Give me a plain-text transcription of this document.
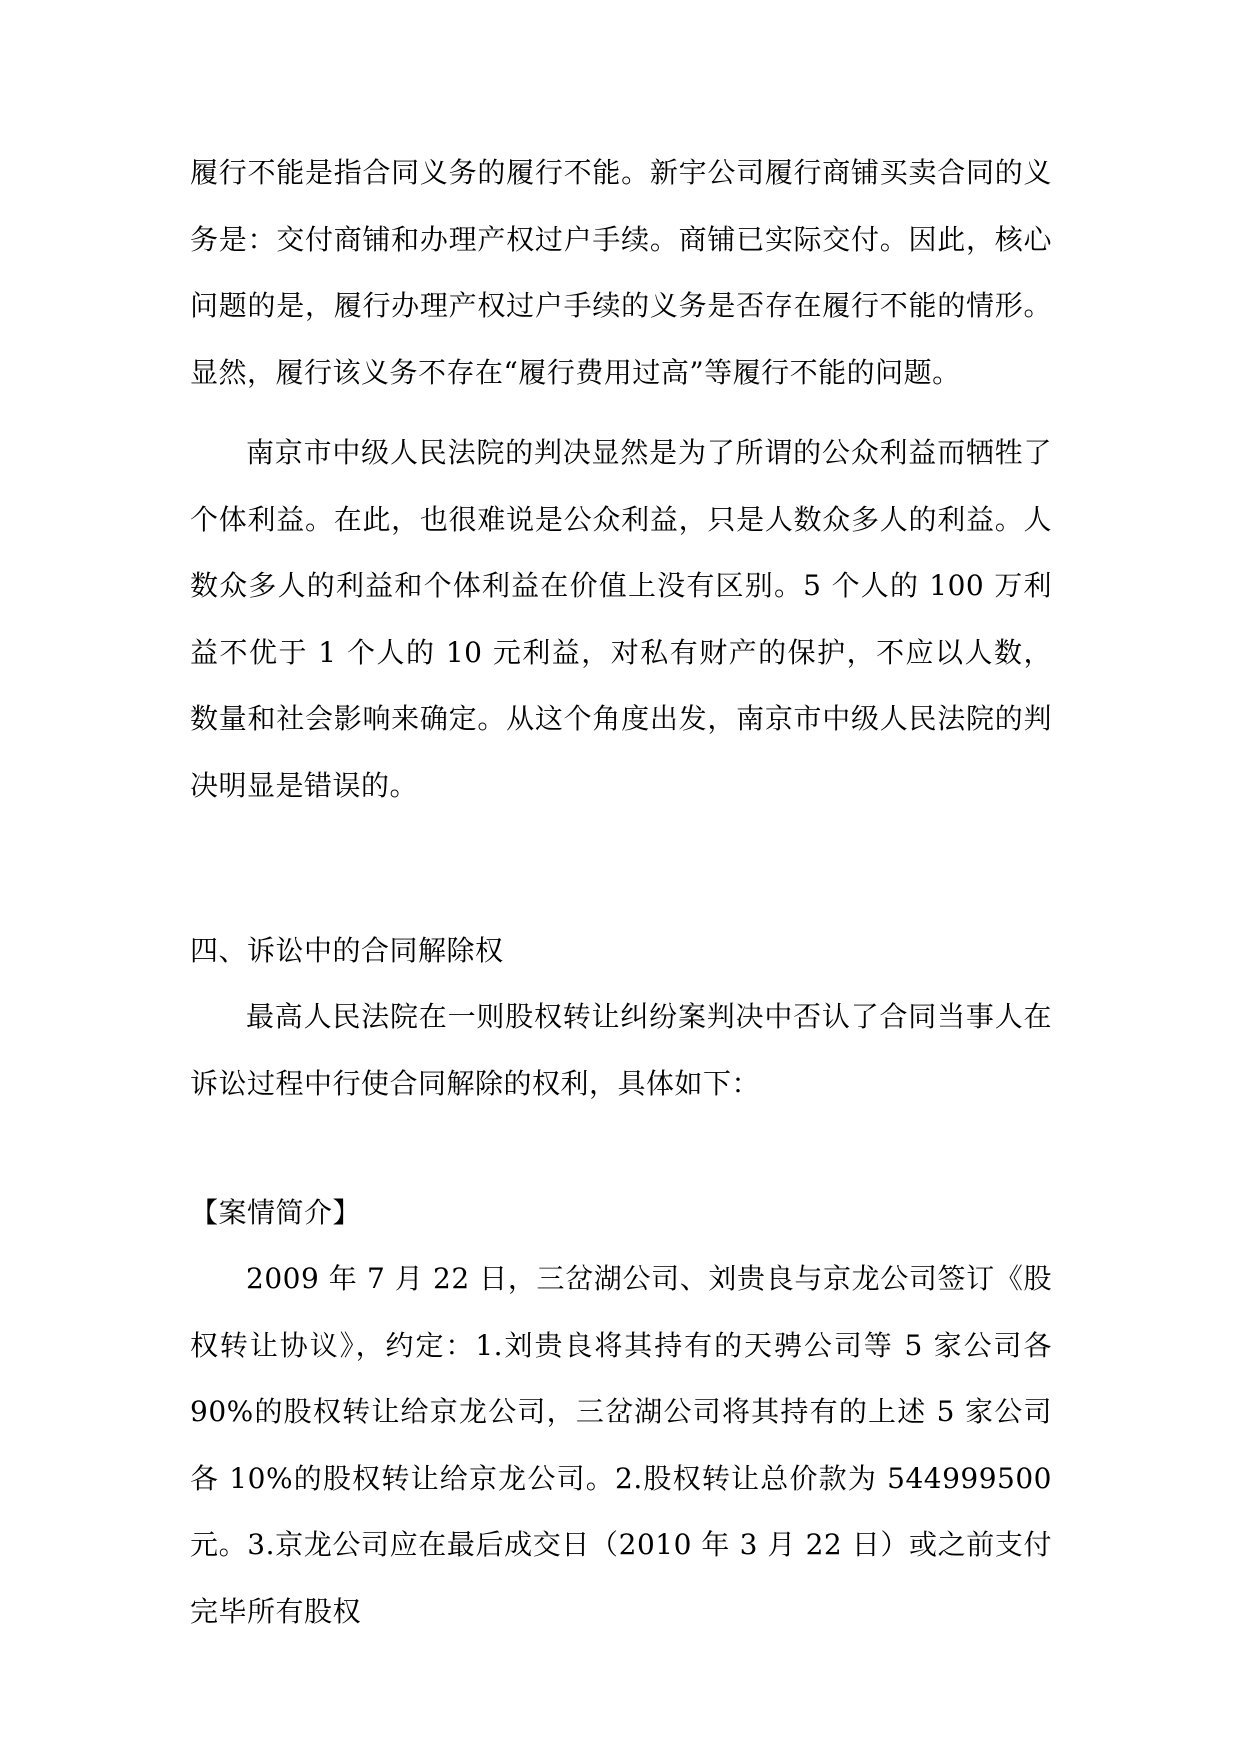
履行不能是指合同义务的履行不能。新宇公司履行商铺买卖合同的义务是：交付商铺和办理产权过户手续。商铺已实际交付。因此，核心问题的是，履行办理产权过户手续的义务是否存在履行不能的情形。显然，履行该义务不存在“履行费用过高”等履行不能的问题。

南京市中级人民法院的判决显然是为了所谓的公众利益而牺牲了个体利益。在此，也很难说是公众利益，只是人数众多人的利益。人数众多人的利益和个体利益在价值上没有区别。5 个人的 100 万利益不优于 1 个人的 10 元利益，对私有财产的保护，不应以人数，数量和社会影响来确定。从这个角度出发，南京市中级人民法院的判决明显是错误的。

四、诉讼中的合同解除权

最高人民法院在一则股权转让纠纷案判决中否认了合同当事人在诉讼过程中行使合同解除的权利，具体如下：

【案情简介】

2009 年 7 月 22 日，三岔湖公司、刘贵良与京龙公司签订《股权转让协议》，约定：1.刘贵良将其持有的天骋公司等 5 家公司各 90%的股权转让给京龙公司，三岔湖公司将其持有的上述 5 家公司各 10%的股权转让给京龙公司。2.股权转让总价款为 544999500 元。3.京龙公司应在最后成交日（2010 年 3 月 22 日）或之前支付完毕所有股权
